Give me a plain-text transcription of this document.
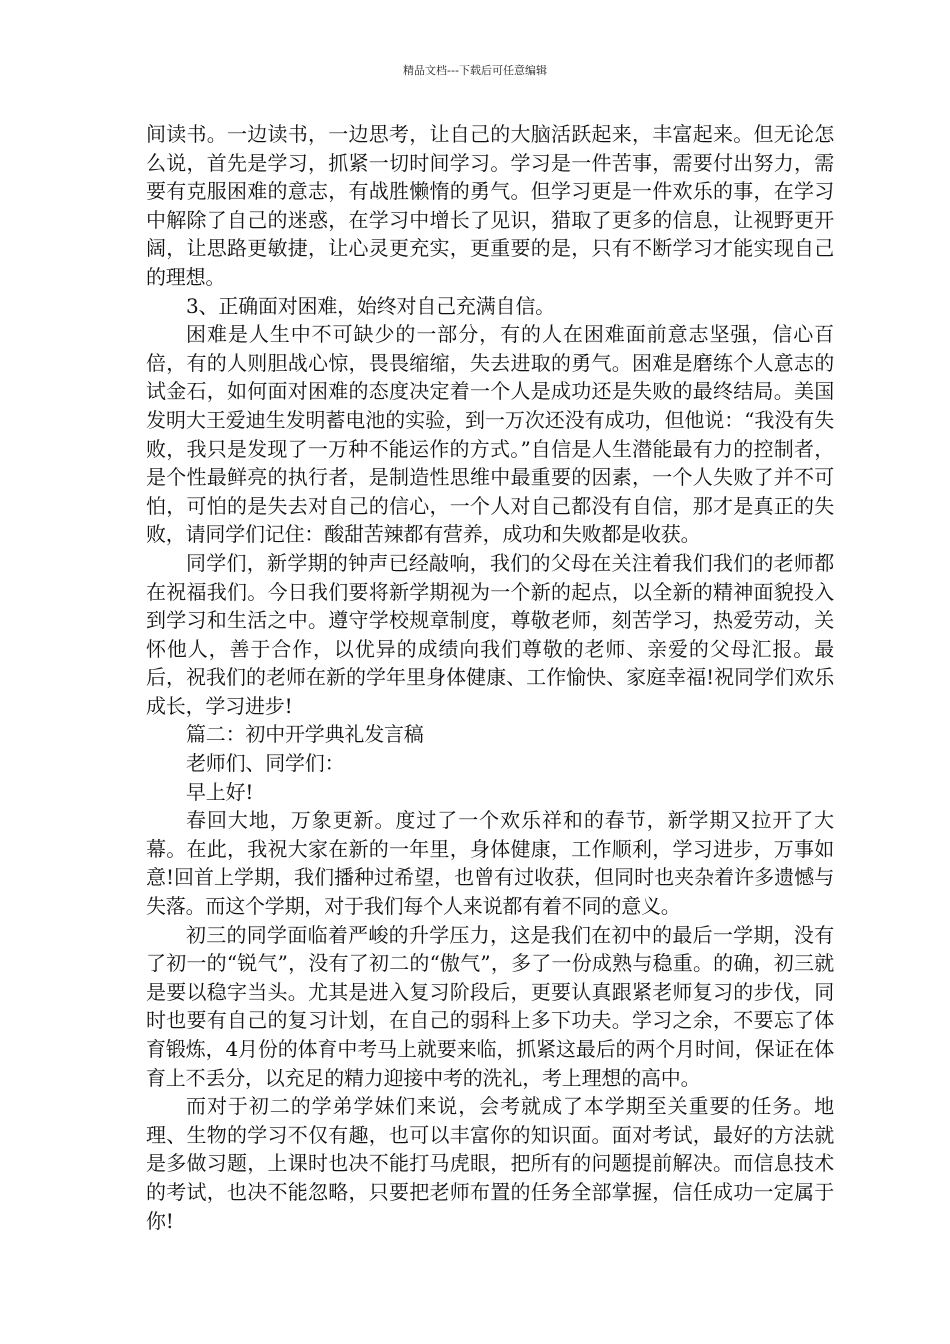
精品文档---下载后可任意编辑

间读书。一边读书，一边思考，让自己的大脑活跃起来，丰富起来。但无论怎么说，首先是学习，抓紧一切时间学习。学习是一件苦事，需要付出努力，需要有克服困难的意志，有战胜懒惰的勇气。但学习更是一件欢乐的事，在学习中解除了自己的迷惑，在学习中增长了见识，猎取了更多的信息，让视野更开阔，让思路更敏捷，让心灵更充实，更重要的是，只有不断学习才能实现自己的理想。

3、正确面对困难，始终对自己充满自信。

困难是人生中不可缺少的一部分，有的人在困难面前意志坚强，信心百倍，有的人则胆战心惊，畏畏缩缩，失去进取的勇气。困难是磨练个人意志的试金石，如何面对困难的态度决定着一个人是成功还是失败的最终结局。美国发明大王爱迪生发明蓄电池的实验，到一万次还没有成功，但他说：“我没有失败，我只是发现了一万种不能运作的方式。”自信是人生潜能最有力的控制者，是个性最鲜亮的执行者，是制造性思维中最重要的因素，一个人失败了并不可怕，可怕的是失去对自己的信心，一个人对自己都没有自信，那才是真正的失败，请同学们记住：酸甜苦辣都有营养，成功和失败都是收获。

同学们，新学期的钟声已经敲响，我们的父母在关注着我们我们的老师都在祝福我们。今日我们要将新学期视为一个新的起点，以全新的精神面貌投入到学习和生活之中。遵守学校规章制度，尊敬老师，刻苦学习，热爱劳动，关怀他人，善于合作，以优异的成绩向我们尊敬的老师、亲爱的父母汇报。最后，祝我们的老师在新的学年里身体健康、工作愉快、家庭幸福!祝同学们欢乐成长，学习进步!

篇二：初中开学典礼发言稿

老师们、同学们：

早上好!

春回大地，万象更新。度过了一个欢乐祥和的春节，新学期又拉开了大幕。在此，我祝大家在新的一年里，身体健康，工作顺利，学习进步，万事如意!回首上学期，我们播种过希望，也曾有过收获，但同时也夹杂着许多遗憾与失落。而这个学期，对于我们每个人来说都有着不同的意义。

初三的同学面临着严峻的升学压力，这是我们在初中的最后一学期，没有了初一的“锐气”，没有了初二的“傲气”，多了一份成熟与稳重。的确，初三就是要以稳字当头。尤其是进入复习阶段后，更要认真跟紧老师复习的步伐，同时也要有自己的复习计划，在自己的弱科上多下功夫。学习之余，不要忘了体育锻炼，4月份的体育中考马上就要来临，抓紧这最后的两个月时间，保证在体育上不丢分，以充足的精力迎接中考的洗礼，考上理想的高中。

而对于初二的学弟学妹们来说，会考就成了本学期至关重要的任务。地理、生物的学习不仅有趣，也可以丰富你的知识面。面对考试，最好的方法就是多做习题，上课时也决不能打马虎眼，把所有的问题提前解决。而信息技术的考试，也决不能忽略，只要把老师布置的任务全部掌握，信任成功一定属于你!
